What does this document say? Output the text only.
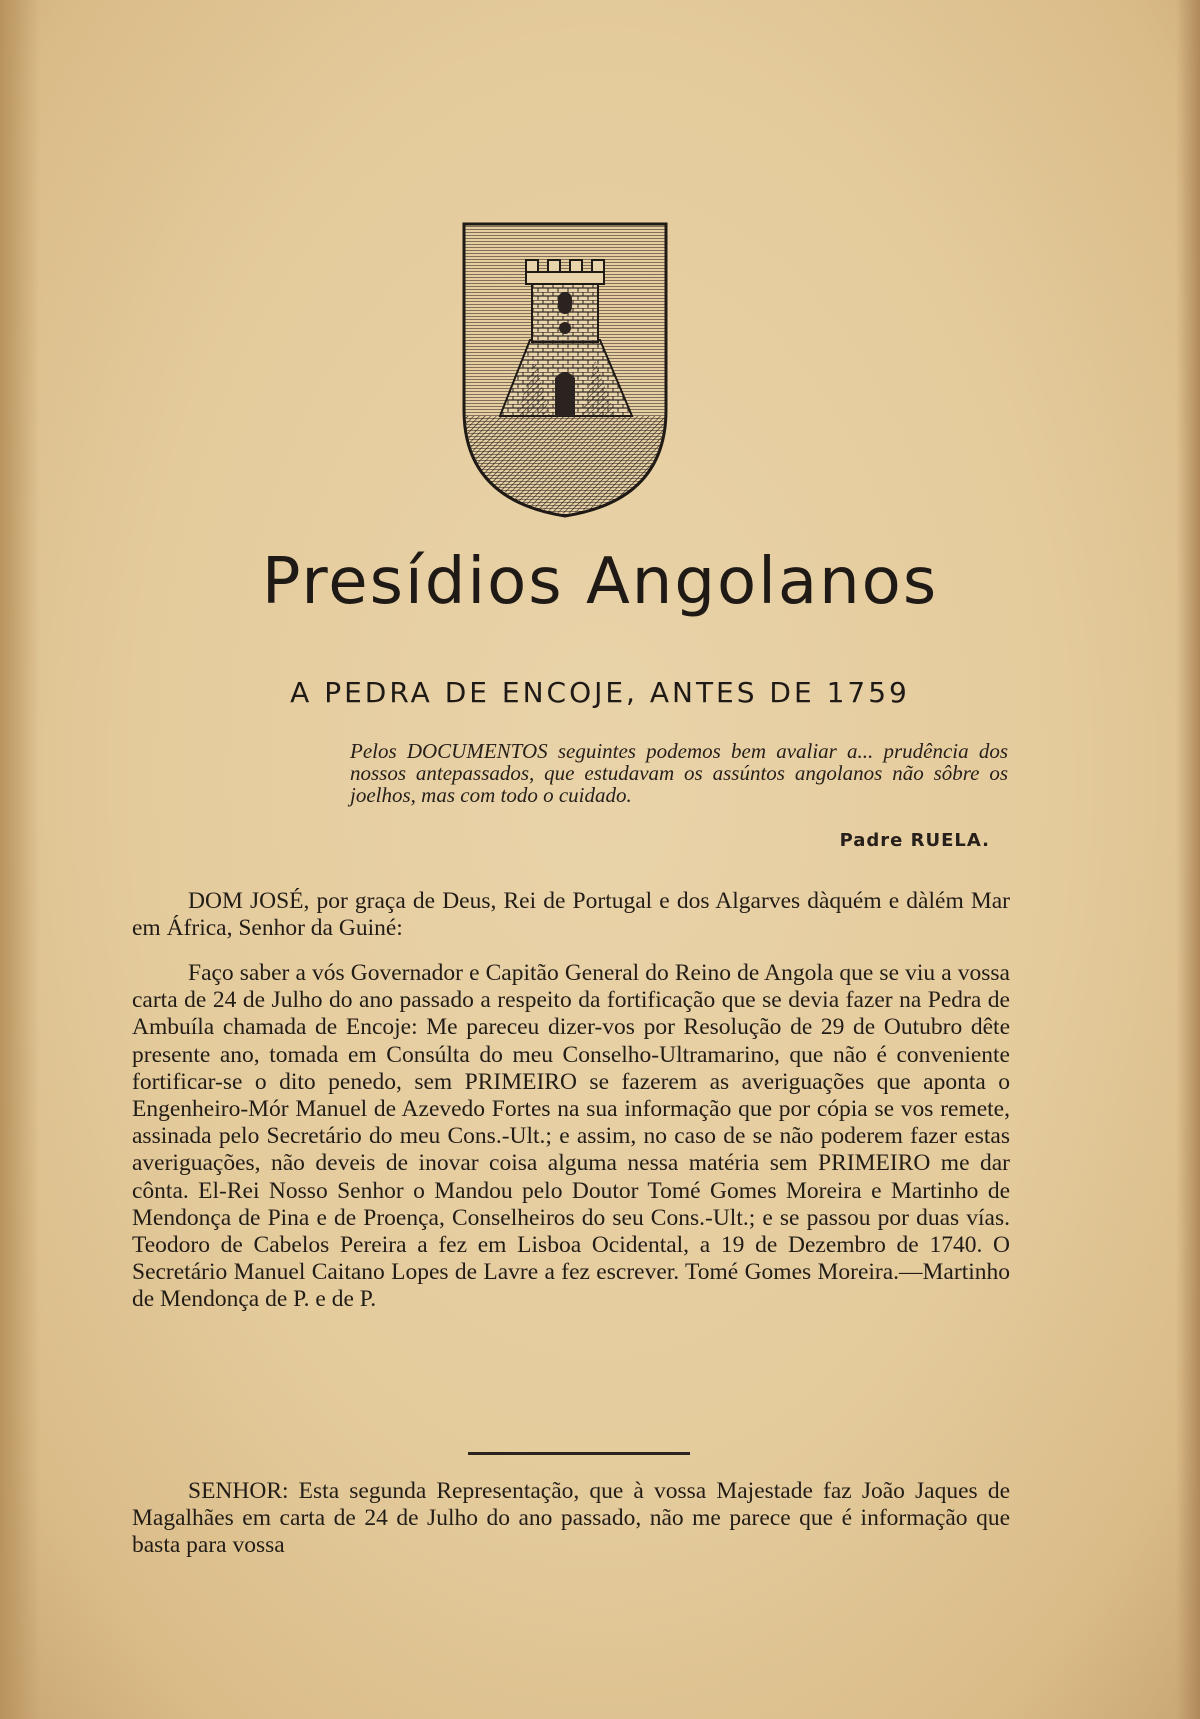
Presídios Angolanos
A PEDRA DE ENCOJE, ANTES DE 1759

Pelos DOCUMENTOS seguintes podemos bem avaliar a... prudência dos nossos antepassados, que estudavam os assúntos angolanos não sôbre os joelhos, mas com todo o cuidado.

Padre RUELA.

DOM JOSÉ, por graça de Deus, Rei de Portugal e dos Algarves dàquém e dàlém Mar em África, Senhor da Guiné:

Faço saber a vós Governador e Capitão General do Reino de Angola que se viu a vossa carta de 24 de Julho do ano passado a respeito da fortificação que se devia fazer na Pedra de Ambuíla chamada de Encoje: Me pareceu dizer-vos por Resolução de 29 de Outubro dête presente ano, tomada em Consúlta do meu Conselho-Ultramarino, que não é conveniente fortificar-se o dito penedo, sem PRIMEIRO se fazerem as averiguações que aponta o Engenheiro-Mór Manuel de Azevedo Fortes na sua informação que por cópia se vos remete, assinada pelo Secretário do meu Cons.-Ult.; e assim, no caso de se não poderem fazer estas averiguações, não deveis de inovar coisa alguma nessa matéria sem PRIMEIRO me dar cônta. El-Rei Nosso Senhor o Mandou pelo Doutor Tomé Gomes Moreira e Martinho de Mendonça de Pina e de Proença, Conselheiros do seu Cons.-Ult.; e se passou por duas vías. Teodoro de Cabelos Pereira a fez em Lisboa Ocidental, a 19 de Dezembro de 1740. O Secretário Manuel Caitano Lopes de Lavre a fez escrever. Tomé Gomes Moreira.—Martinho de Mendonça de P. e de P.

SENHOR: Esta segunda Representação, que à vossa Majestade faz João Jaques de Magalhães em carta de 24 de Julho do ano passado, não me parece que é informação que basta para vossa
